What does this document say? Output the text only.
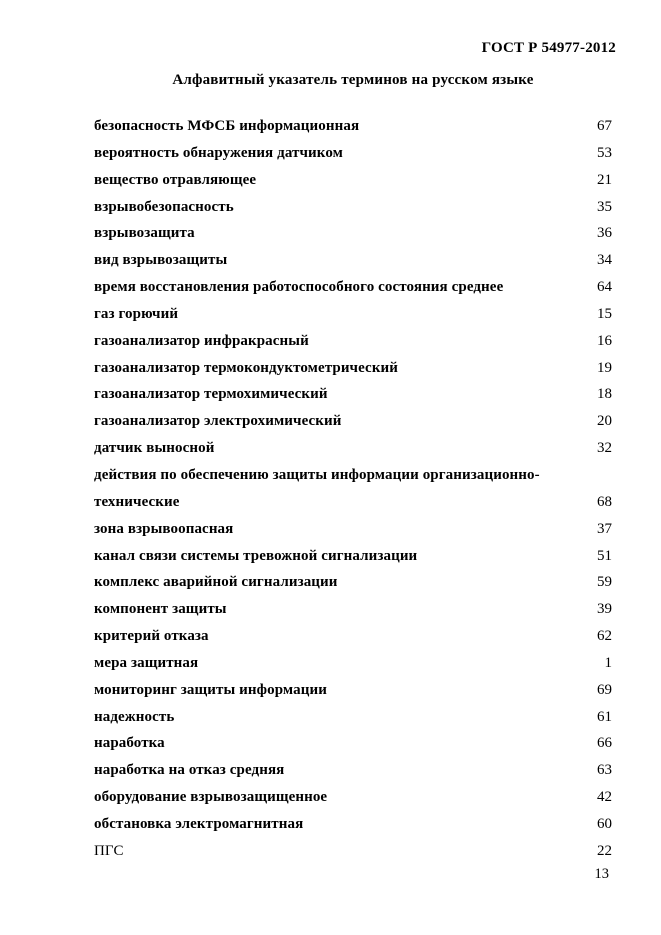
ГОСТ Р 54977-2012
Алфавитный указатель терминов на русском языке
безопасность МФСБ информационная	67
вероятность обнаружения датчиком	53
вещество отравляющее	21
взрывобезопасность	35
взрывозащита	36
вид взрывозащиты	34
время восстановления работоспособного состояния среднее	64
газ горючий	15
газоанализатор инфракрасный	16
газоанализатор термокондуктометрический	19
газоанализатор термохимический	18
газоанализатор электрохимический	20
датчик выносной	32
действия по обеспечению защиты информации организационно-
технические	68
зона взрывоопасная	37
канал связи системы тревожной сигнализации	51
комплекс аварийной сигнализации	59
компонент защиты	39
критерий отказа	62
мера защитная	1
мониторинг защиты информации	69
надежность	61
наработка	66
наработка на отказ средняя	63
оборудование взрывозащищенное	42
обстановка электромагнитная	60
ПГС	22
13
